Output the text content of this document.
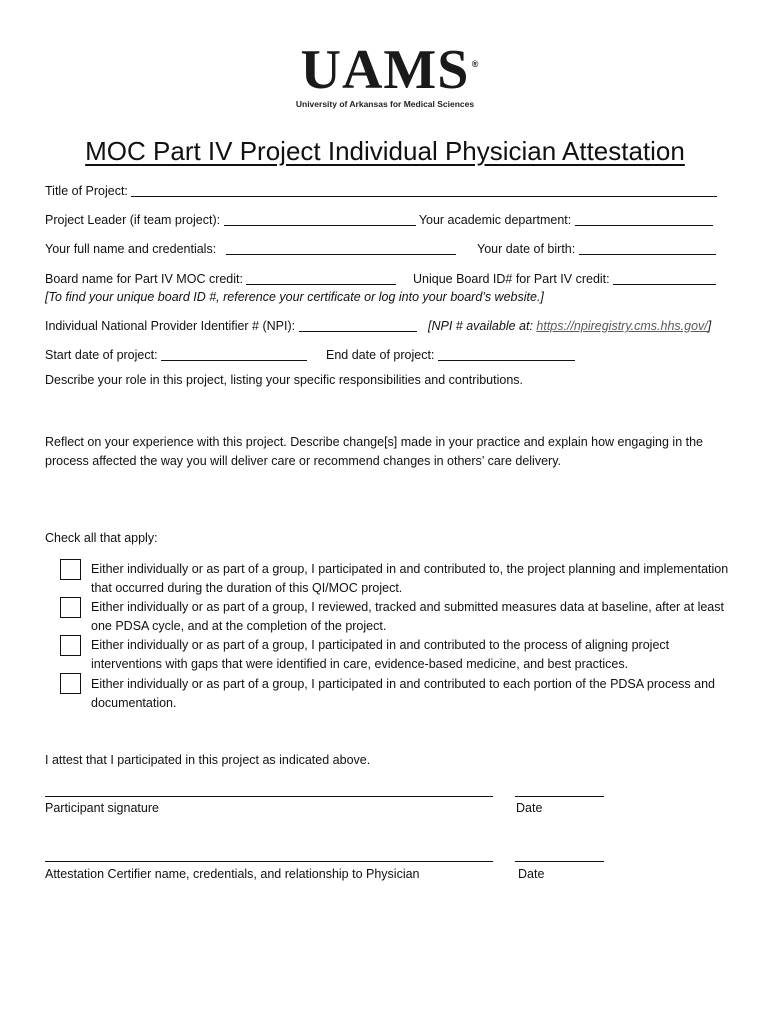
UAMS ®
University of Arkansas for Medical Sciences
MOC Part IV Project Individual Physician Attestation
Title of Project:
Project Leader (if team project):	Your academic department:
Your full name and credentials:	Your date of birth:
Board name for Part IV MOC credit:	Unique Board ID# for Part IV credit:
[To find your unique board ID #, reference your certificate or log into your board’s website.]
Individual National Provider Identifier # (NPI):	[NPI # available at: https://npiregistry.cms.hhs.gov/]
Start date of project:	End date of project:
Describe your role in this project, listing your specific responsibilities and contributions.
Reflect on your experience with this project. Describe change[s] made in your practice and explain how engaging in the process affected the way you will deliver care or recommend changes in others’ care delivery.
Check all that apply:
Either individually or as part of a group, I participated in and contributed to, the project planning and implementation that occurred during the duration of this QI/MOC project.
Either individually or as part of a group, I reviewed, tracked and submitted measures data at baseline, after at least one PDSA cycle, and at the completion of the project.
Either individually or as part of a group, I participated in and contributed to the process of aligning project interventions with gaps that were identified in care, evidence-based medicine, and best practices.
Either individually or as part of a group, I participated in and contributed to each portion of the PDSA process and documentation.
I attest that I participated in this project as indicated above.
Participant signature	Date
Attestation Certifier name, credentials, and relationship to Physician	Date
